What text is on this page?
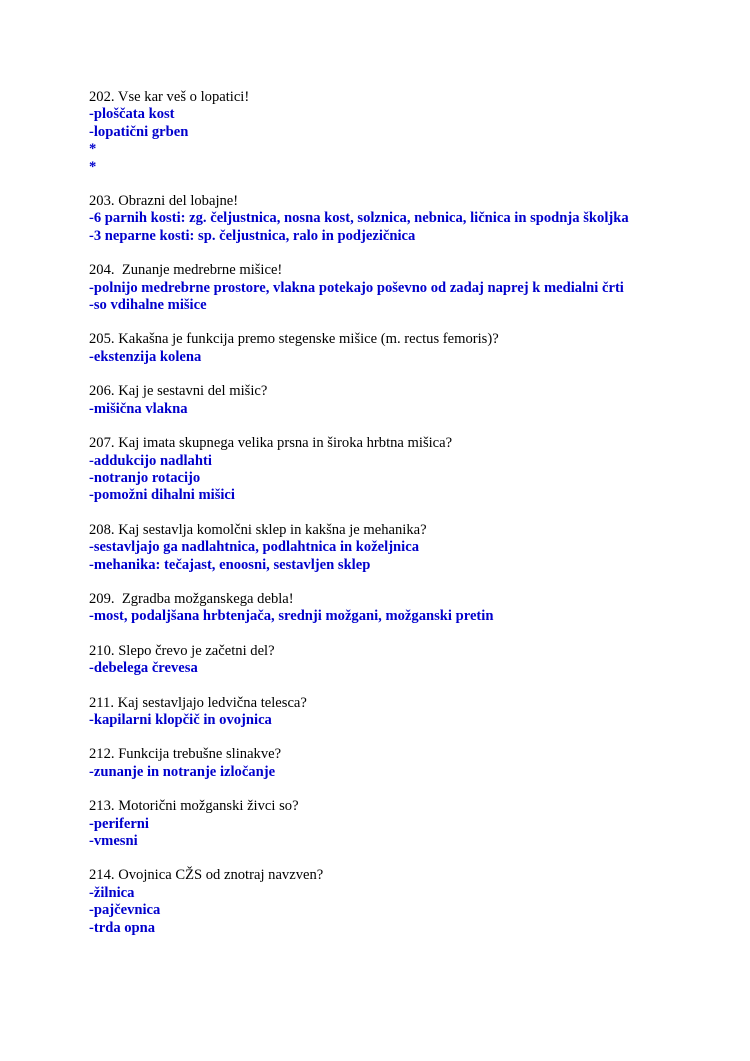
202. Vse kar veš o lopatici!
-ploščata kost
-lopatični grben
*
*
203. Obrazni del lobajne!
-6 parnih kosti: zg. čeljustnica, nosna kost, solznica, nebnica, ličnica in spodnja školjka
-3 neparne kosti: sp. čeljustnica, ralo in podjezičnica
204.  Zunanje medrebrne mišice!
-polnijo medrebrne prostore, vlakna potekajo poševno od zadaj naprej k medialni črti
-so vdihalne mišice
205. Kakašna je funkcija premo stegenske mišice (m. rectus femoris)?
-ekstenzija kolena
206. Kaj je sestavni del mišic?
-mišična vlakna
207. Kaj imata skupnega velika prsna in široka hrbtna mišica?
-addukcijo nadlahti
-notranjo rotacijo
-pomožni dihalni mišici
208. Kaj sestavlja komolčni sklep in kakšna je mehanika?
-sestavljajo ga nadlahtnica, podlahtnica in koželjnica
-mehanika: tečajast, enoosni, sestavljen sklep
209.  Zgradba možganskega debla!
-most, podaljšana hrbtenjača, srednji možgani, možganski pretin
210. Slepo črevo je začetni del?
-debelega črevesa
211. Kaj sestavljajo ledvična telesca?
-kapilarni klopčič in ovojnica
212. Funkcija trebušne slinakve?
-zunanje in notranje izločanje
213. Motorični možganski živci so?
-periferni
-vmesni
214. Ovojnica CŽS od znotraj navzven?
-žilnica
-pajčevnica
-trda opna
